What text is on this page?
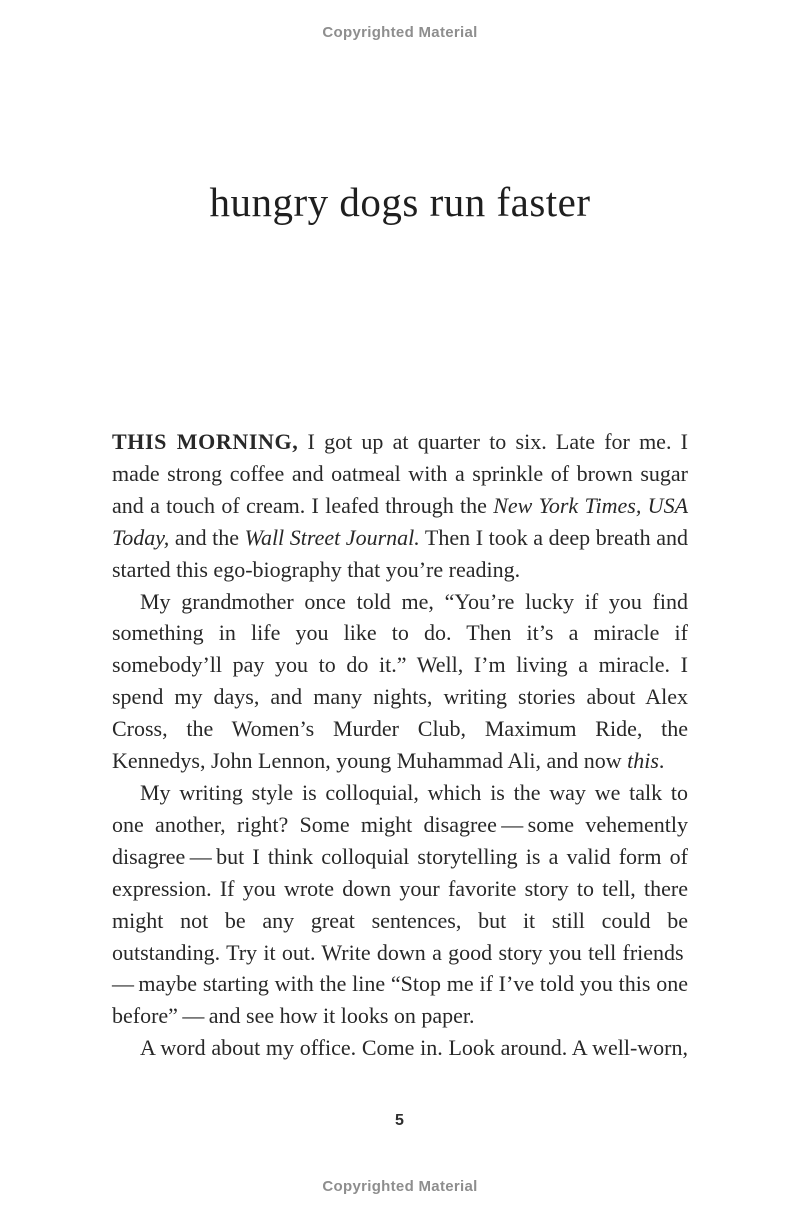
Copyrighted Material
hungry dogs run faster

THIS MORNING, I got up at quarter to six. Late for me. I made strong coffee and oatmeal with a sprinkle of brown sugar and a touch of cream. I leafed through the New York Times, USA Today, and the Wall Street Journal. Then I took a deep breath and started this ego-biography that you’re reading.

My grandmother once told me, “You’re lucky if you find something in life you like to do. Then it’s a miracle if somebody’ll pay you to do it.” Well, I’m living a miracle. I spend my days, and many nights, writing stories about Alex Cross, the Women’s Murder Club, Maximum Ride, the Kennedys, John Lennon, young Muhammad Ali, and now this.

My writing style is colloquial, which is the way we talk to one another, right? Some might disagree — some vehemently disagree — but I think colloquial storytelling is a valid form of expression. If you wrote down your favorite story to tell, there might not be any great sentences, but it still could be outstanding. Try it out. Write down a good story you tell friends — maybe starting with the line “Stop me if I’ve told you this one before” — and see how it looks on paper.

A word about my office. Come in. Look around. A well-worn,

5
Copyrighted Material
